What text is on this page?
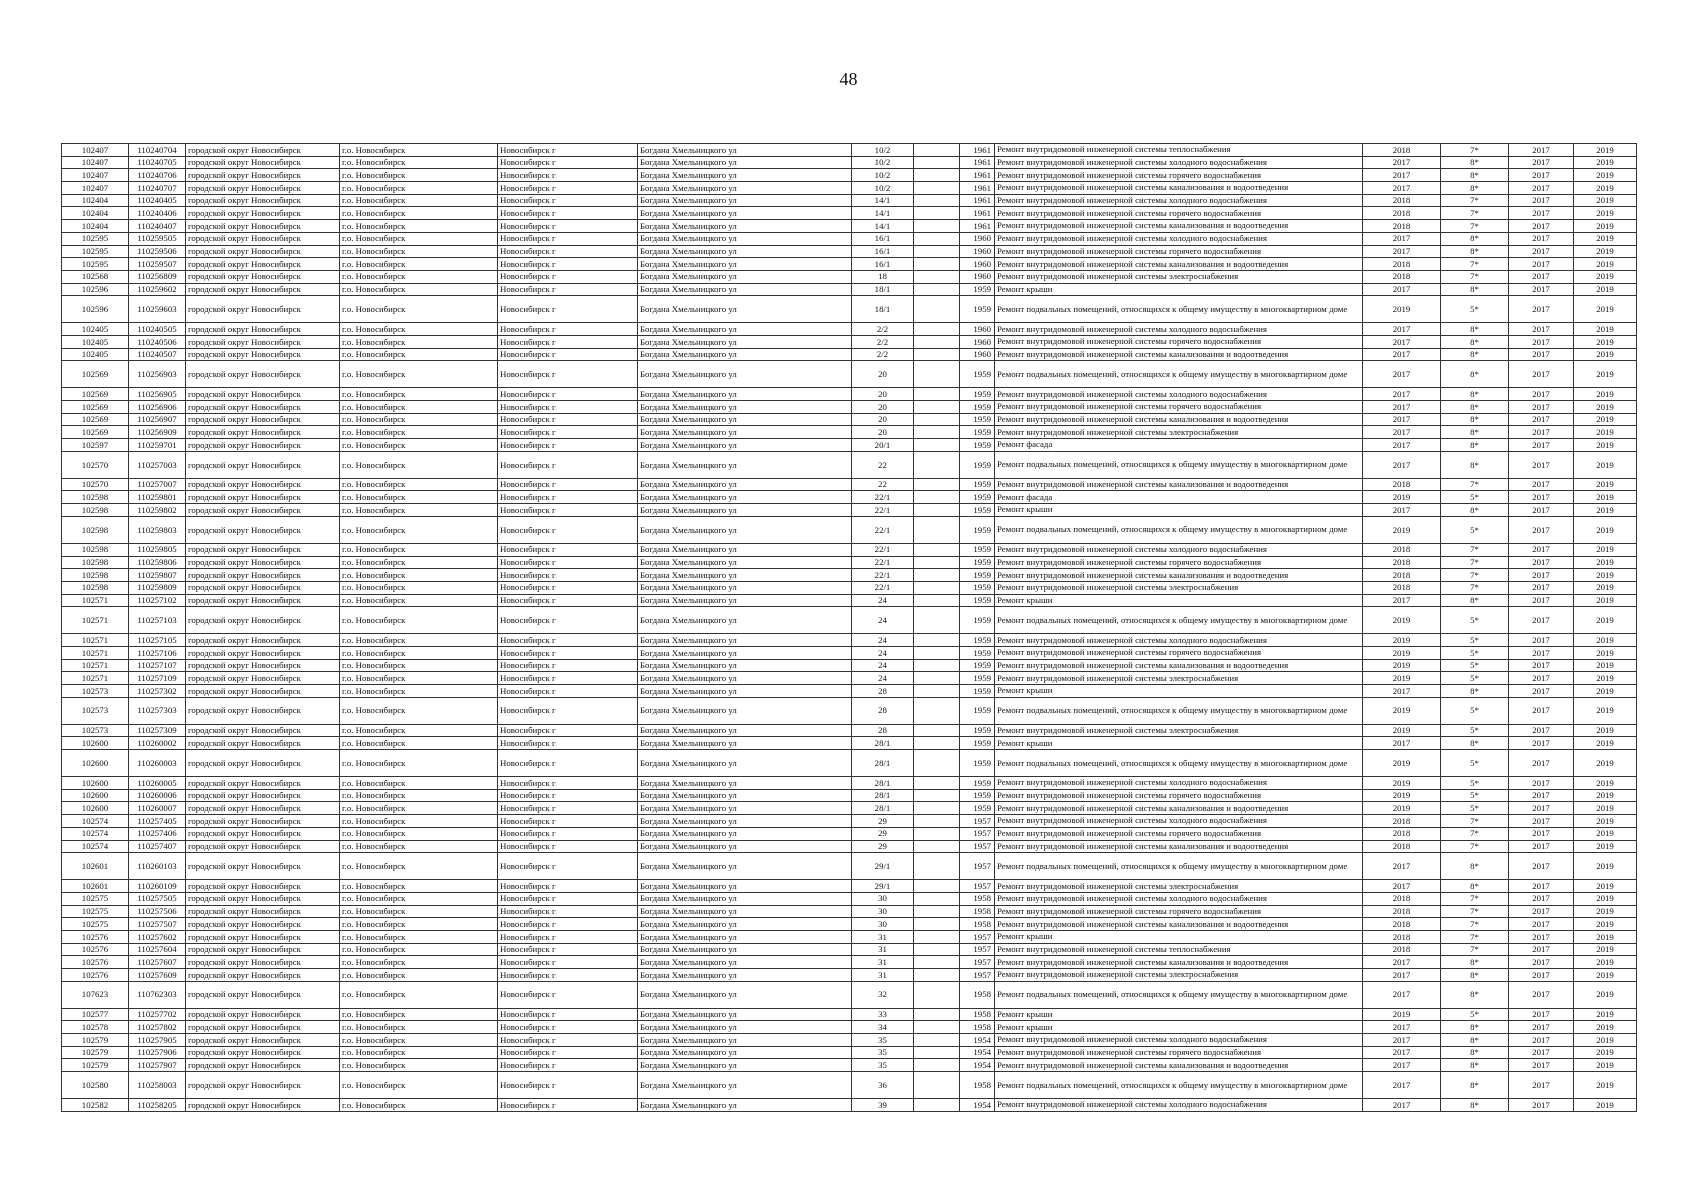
48
102407	110240704	городской округ Новосибирск	г.о. Новосибирск	Новосибирск г	Богдана Хмельницкого ул	10/2		1961	Ремонт внутридомовой инженерной системы теплоснабжения	2018	7*	2017	2019
102407	110240705	городской округ Новосибирск	г.о. Новосибирск	Новосибирск г	Богдана Хмельницкого ул	10/2		1961	Ремонт внутридомовой инженерной системы холодного водоснабжения	2017	8*	2017	2019
102407	110240706	городской округ Новосибирск	г.о. Новосибирск	Новосибирск г	Богдана Хмельницкого ул	10/2		1961	Ремонт внутридомовой инженерной системы горячего водоснабжения	2017	8*	2017	2019
102407	110240707	городской округ Новосибирск	г.о. Новосибирск	Новосибирск г	Богдана Хмельницкого ул	10/2		1961	Ремонт внутридомовой инженерной системы канализования и водоотведения	2017	8*	2017	2019
102404	110240405	городской округ Новосибирск	г.о. Новосибирск	Новосибирск г	Богдана Хмельницкого ул	14/1		1961	Ремонт внутридомовой инженерной системы холодного водоснабжения	2018	7*	2017	2019
102404	110240406	городской округ Новосибирск	г.о. Новосибирск	Новосибирск г	Богдана Хмельницкого ул	14/1		1961	Ремонт внутридомовой инженерной системы горячего водоснабжения	2018	7*	2017	2019
102404	110240407	городской округ Новосибирск	г.о. Новосибирск	Новосибирск г	Богдана Хмельницкого ул	14/1		1961	Ремонт внутридомовой инженерной системы канализования и водоотведения	2018	7*	2017	2019
102595	110259505	городской округ Новосибирск	г.о. Новосибирск	Новосибирск г	Богдана Хмельницкого ул	16/1		1960	Ремонт внутридомовой инженерной системы холодного водоснабжения	2017	8*	2017	2019
102595	110259506	городской округ Новосибирск	г.о. Новосибирск	Новосибирск г	Богдана Хмельницкого ул	16/1		1960	Ремонт внутридомовой инженерной системы горячего водоснабжения	2017	8*	2017	2019
102595	110259507	городской округ Новосибирск	г.о. Новосибирск	Новосибирск г	Богдана Хмельницкого ул	16/1		1960	Ремонт внутридомовой инженерной системы канализования и водоотведения	2018	7*	2017	2019
102568	110256809	городской округ Новосибирск	г.о. Новосибирск	Новосибирск г	Богдана Хмельницкого ул	18		1960	Ремонт внутридомовой инженерной системы электроснабжения	2018	7*	2017	2019
102596	110259602	городской округ Новосибирск	г.о. Новосибирск	Новосибирск г	Богдана Хмельницкого ул	18/1		1959	Ремонт крыши	2017	8*	2017	2019
102596	110259603	городской округ Новосибирск	г.о. Новосибирск	Новосибирск г	Богдана Хмельницкого ул	18/1		1959	Ремонт подвальных помещений, относящихся к общему имуществу в многоквартирном доме	2019	5*	2017	2019
102405	110240505	городской округ Новосибирск	г.о. Новосибирск	Новосибирск г	Богдана Хмельницкого ул	2/2		1960	Ремонт внутридомовой инженерной системы холодного водоснабжения	2017	8*	2017	2019
102405	110240506	городской округ Новосибирск	г.о. Новосибирск	Новосибирск г	Богдана Хмельницкого ул	2/2		1960	Ремонт внутридомовой инженерной системы горячего водоснабжения	2017	8*	2017	2019
102405	110240507	городской округ Новосибирск	г.о. Новосибирск	Новосибирск г	Богдана Хмельницкого ул	2/2		1960	Ремонт внутридомовой инженерной системы канализования и водоотведения	2017	8*	2017	2019
102569	110256903	городской округ Новосибирск	г.о. Новосибирск	Новосибирск г	Богдана Хмельницкого ул	20		1959	Ремонт подвальных помещений, относящихся к общему имуществу в многоквартирном доме	2017	8*	2017	2019
102569	110256905	городской округ Новосибирск	г.о. Новосибирск	Новосибирск г	Богдана Хмельницкого ул	20		1959	Ремонт внутридомовой инженерной системы холодного водоснабжения	2017	8*	2017	2019
102569	110256906	городской округ Новосибирск	г.о. Новосибирск	Новосибирск г	Богдана Хмельницкого ул	20		1959	Ремонт внутридомовой инженерной системы горячего водоснабжения	2017	8*	2017	2019
102569	110256907	городской округ Новосибирск	г.о. Новосибирск	Новосибирск г	Богдана Хмельницкого ул	20		1959	Ремонт внутридомовой инженерной системы канализования и водоотведения	2017	8*	2017	2019
102569	110256909	городской округ Новосибирск	г.о. Новосибирск	Новосибирск г	Богдана Хмельницкого ул	20		1959	Ремонт внутридомовой инженерной системы электроснабжения	2017	8*	2017	2019
102597	110259701	городской округ Новосибирск	г.о. Новосибирск	Новосибирск г	Богдана Хмельницкого ул	20/1		1959	Ремонт фасада	2017	8*	2017	2019
102570	110257003	городской округ Новосибирск	г.о. Новосибирск	Новосибирск г	Богдана Хмельницкого ул	22		1959	Ремонт подвальных помещений, относящихся к общему имуществу в многоквартирном доме	2017	8*	2017	2019
102570	110257007	городской округ Новосибирск	г.о. Новосибирск	Новосибирск г	Богдана Хмельницкого ул	22		1959	Ремонт внутридомовой инженерной системы канализования и водоотведения	2018	7*	2017	2019
102598	110259801	городской округ Новосибирск	г.о. Новосибирск	Новосибирск г	Богдана Хмельницкого ул	22/1		1959	Ремонт фасада	2019	5*	2017	2019
102598	110259802	городской округ Новосибирск	г.о. Новосибирск	Новосибирск г	Богдана Хмельницкого ул	22/1		1959	Ремонт крыши	2017	8*	2017	2019
102598	110259803	городской округ Новосибирск	г.о. Новосибирск	Новосибирск г	Богдана Хмельницкого ул	22/1		1959	Ремонт подвальных помещений, относящихся к общему имуществу в многоквартирном доме	2019	5*	2017	2019
102598	110259805	городской округ Новосибирск	г.о. Новосибирск	Новосибирск г	Богдана Хмельницкого ул	22/1		1959	Ремонт внутридомовой инженерной системы холодного водоснабжения	2018	7*	2017	2019
102598	110259806	городской округ Новосибирск	г.о. Новосибирск	Новосибирск г	Богдана Хмельницкого ул	22/1		1959	Ремонт внутридомовой инженерной системы горячего водоснабжения	2018	7*	2017	2019
102598	110259807	городской округ Новосибирск	г.о. Новосибирск	Новосибирск г	Богдана Хмельницкого ул	22/1		1959	Ремонт внутридомовой инженерной системы канализования и водоотведения	2018	7*	2017	2019
102598	110259809	городской округ Новосибирск	г.о. Новосибирск	Новосибирск г	Богдана Хмельницкого ул	22/1		1959	Ремонт внутридомовой инженерной системы электроснабжения	2018	7*	2017	2019
102571	110257102	городской округ Новосибирск	г.о. Новосибирск	Новосибирск г	Богдана Хмельницкого ул	24		1959	Ремонт крыши	2017	8*	2017	2019
102571	110257103	городской округ Новосибирск	г.о. Новосибирск	Новосибирск г	Богдана Хмельницкого ул	24		1959	Ремонт подвальных помещений, относящихся к общему имуществу в многоквартирном доме	2019	5*	2017	2019
102571	110257105	городской округ Новосибирск	г.о. Новосибирск	Новосибирск г	Богдана Хмельницкого ул	24		1959	Ремонт внутридомовой инженерной системы холодного водоснабжения	2019	5*	2017	2019
102571	110257106	городской округ Новосибирск	г.о. Новосибирск	Новосибирск г	Богдана Хмельницкого ул	24		1959	Ремонт внутридомовой инженерной системы горячего водоснабжения	2019	5*	2017	2019
102571	110257107	городской округ Новосибирск	г.о. Новосибирск	Новосибирск г	Богдана Хмельницкого ул	24		1959	Ремонт внутридомовой инженерной системы канализования и водоотведения	2019	5*	2017	2019
102571	110257109	городской округ Новосибирск	г.о. Новосибирск	Новосибирск г	Богдана Хмельницкого ул	24		1959	Ремонт внутридомовой инженерной системы электроснабжения	2019	5*	2017	2019
102573	110257302	городской округ Новосибирск	г.о. Новосибирск	Новосибирск г	Богдана Хмельницкого ул	28		1959	Ремонт крыши	2017	8*	2017	2019
102573	110257303	городской округ Новосибирск	г.о. Новосибирск	Новосибирск г	Богдана Хмельницкого ул	28		1959	Ремонт подвальных помещений, относящихся к общему имуществу в многоквартирном доме	2019	5*	2017	2019
102573	110257309	городской округ Новосибирск	г.о. Новосибирск	Новосибирск г	Богдана Хмельницкого ул	28		1959	Ремонт внутридомовой инженерной системы электроснабжения	2019	5*	2017	2019
102600	110260002	городской округ Новосибирск	г.о. Новосибирск	Новосибирск г	Богдана Хмельницкого ул	28/1		1959	Ремонт крыши	2017	8*	2017	2019
102600	110260003	городской округ Новосибирск	г.о. Новосибирск	Новосибирск г	Богдана Хмельницкого ул	28/1		1959	Ремонт подвальных помещений, относящихся к общему имуществу в многоквартирном доме	2019	5*	2017	2019
102600	110260005	городской округ Новосибирск	г.о. Новосибирск	Новосибирск г	Богдана Хмельницкого ул	28/1		1959	Ремонт внутридомовой инженерной системы холодного водоснабжения	2019	5*	2017	2019
102600	110260006	городской округ Новосибирск	г.о. Новосибирск	Новосибирск г	Богдана Хмельницкого ул	28/1		1959	Ремонт внутридомовой инженерной системы горячего водоснабжения	2019	5*	2017	2019
102600	110260007	городской округ Новосибирск	г.о. Новосибирск	Новосибирск г	Богдана Хмельницкого ул	28/1		1959	Ремонт внутридомовой инженерной системы канализования и водоотведения	2019	5*	2017	2019
102574	110257405	городской округ Новосибирск	г.о. Новосибирск	Новосибирск г	Богдана Хмельницкого ул	29		1957	Ремонт внутридомовой инженерной системы холодного водоснабжения	2018	7*	2017	2019
102574	110257406	городской округ Новосибирск	г.о. Новосибирск	Новосибирск г	Богдана Хмельницкого ул	29		1957	Ремонт внутридомовой инженерной системы горячего водоснабжения	2018	7*	2017	2019
102574	110257407	городской округ Новосибирск	г.о. Новосибирск	Новосибирск г	Богдана Хмельницкого ул	29		1957	Ремонт внутридомовой инженерной системы канализования и водоотведения	2018	7*	2017	2019
102601	110260103	городской округ Новосибирск	г.о. Новосибирск	Новосибирск г	Богдана Хмельницкого ул	29/1		1957	Ремонт подвальных помещений, относящихся к общему имуществу в многоквартирном доме	2017	8*	2017	2019
102601	110260109	городской округ Новосибирск	г.о. Новосибирск	Новосибирск г	Богдана Хмельницкого ул	29/1		1957	Ремонт внутридомовой инженерной системы электроснабжения	2017	8*	2017	2019
102575	110257505	городской округ Новосибирск	г.о. Новосибирск	Новосибирск г	Богдана Хмельницкого ул	30		1958	Ремонт внутридомовой инженерной системы холодного водоснабжения	2018	7*	2017	2019
102575	110257506	городской округ Новосибирск	г.о. Новосибирск	Новосибирск г	Богдана Хмельницкого ул	30		1958	Ремонт внутридомовой инженерной системы горячего водоснабжения	2018	7*	2017	2019
102575	110257507	городской округ Новосибирск	г.о. Новосибирск	Новосибирск г	Богдана Хмельницкого ул	30		1958	Ремонт внутридомовой инженерной системы канализования и водоотведения	2018	7*	2017	2019
102576	110257602	городской округ Новосибирск	г.о. Новосибирск	Новосибирск г	Богдана Хмельницкого ул	31		1957	Ремонт крыши	2018	7*	2017	2019
102576	110257604	городской округ Новосибирск	г.о. Новосибирск	Новосибирск г	Богдана Хмельницкого ул	31		1957	Ремонт внутридомовой инженерной системы теплоснабжения	2018	7*	2017	2019
102576	110257607	городской округ Новосибирск	г.о. Новосибирск	Новосибирск г	Богдана Хмельницкого ул	31		1957	Ремонт внутридомовой инженерной системы канализования и водоотведения	2017	8*	2017	2019
102576	110257609	городской округ Новосибирск	г.о. Новосибирск	Новосибирск г	Богдана Хмельницкого ул	31		1957	Ремонт внутридомовой инженерной системы электроснабжения	2017	8*	2017	2019
107623	110762303	городской округ Новосибирск	г.о. Новосибирск	Новосибирск г	Богдана Хмельницкого ул	32		1958	Ремонт подвальных помещений, относящихся к общему имуществу в многоквартирном доме	2017	8*	2017	2019
102577	110257702	городской округ Новосибирск	г.о. Новосибирск	Новосибирск г	Богдана Хмельницкого ул	33		1958	Ремонт крыши	2019	5*	2017	2019
102578	110257802	городской округ Новосибирск	г.о. Новосибирск	Новосибирск г	Богдана Хмельницкого ул	34		1958	Ремонт крыши	2017	8*	2017	2019
102579	110257905	городской округ Новосибирск	г.о. Новосибирск	Новосибирск г	Богдана Хмельницкого ул	35		1954	Ремонт внутридомовой инженерной системы холодного водоснабжения	2017	8*	2017	2019
102579	110257906	городской округ Новосибирск	г.о. Новосибирск	Новосибирск г	Богдана Хмельницкого ул	35		1954	Ремонт внутридомовой инженерной системы горячего водоснабжения	2017	8*	2017	2019
102579	110257907	городской округ Новосибирск	г.о. Новосибирск	Новосибирск г	Богдана Хмельницкого ул	35		1954	Ремонт внутридомовой инженерной системы канализования и водоотведения	2017	8*	2017	2019
102580	110258003	городской округ Новосибирск	г.о. Новосибирск	Новосибирск г	Богдана Хмельницкого ул	36		1958	Ремонт подвальных помещений, относящихся к общему имуществу в многоквартирном доме	2017	8*	2017	2019
102582	110258205	городской округ Новосибирск	г.о. Новосибирск	Новосибирск г	Богдана Хмельницкого ул	39		1954	Ремонт внутридомовой инженерной системы холодного водоснабжения	2017	8*	2017	2019
